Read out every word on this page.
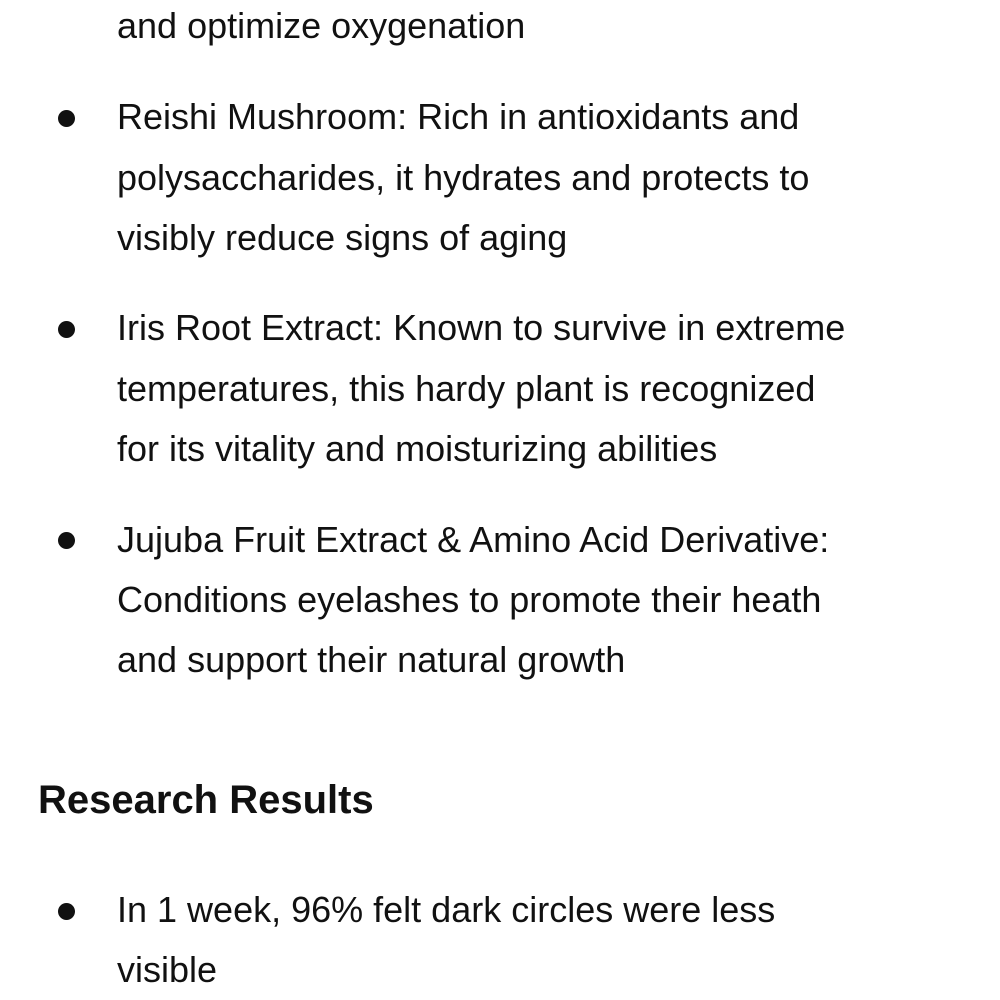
and optimize oxygenation
Reishi Mushroom: Rich in antioxidants and
polysaccharides, it hydrates and protects to
visibly reduce signs of aging
Iris Root Extract: Known to survive in extreme
temperatures, this hardy plant is recognized
for its vitality and moisturizing abilities
Jujuba Fruit Extract & Amino Acid Derivative:
Conditions eyelashes to promote their heath
and support their natural growth
Research Results
In 1 week, 96% felt dark circles were less
visible
